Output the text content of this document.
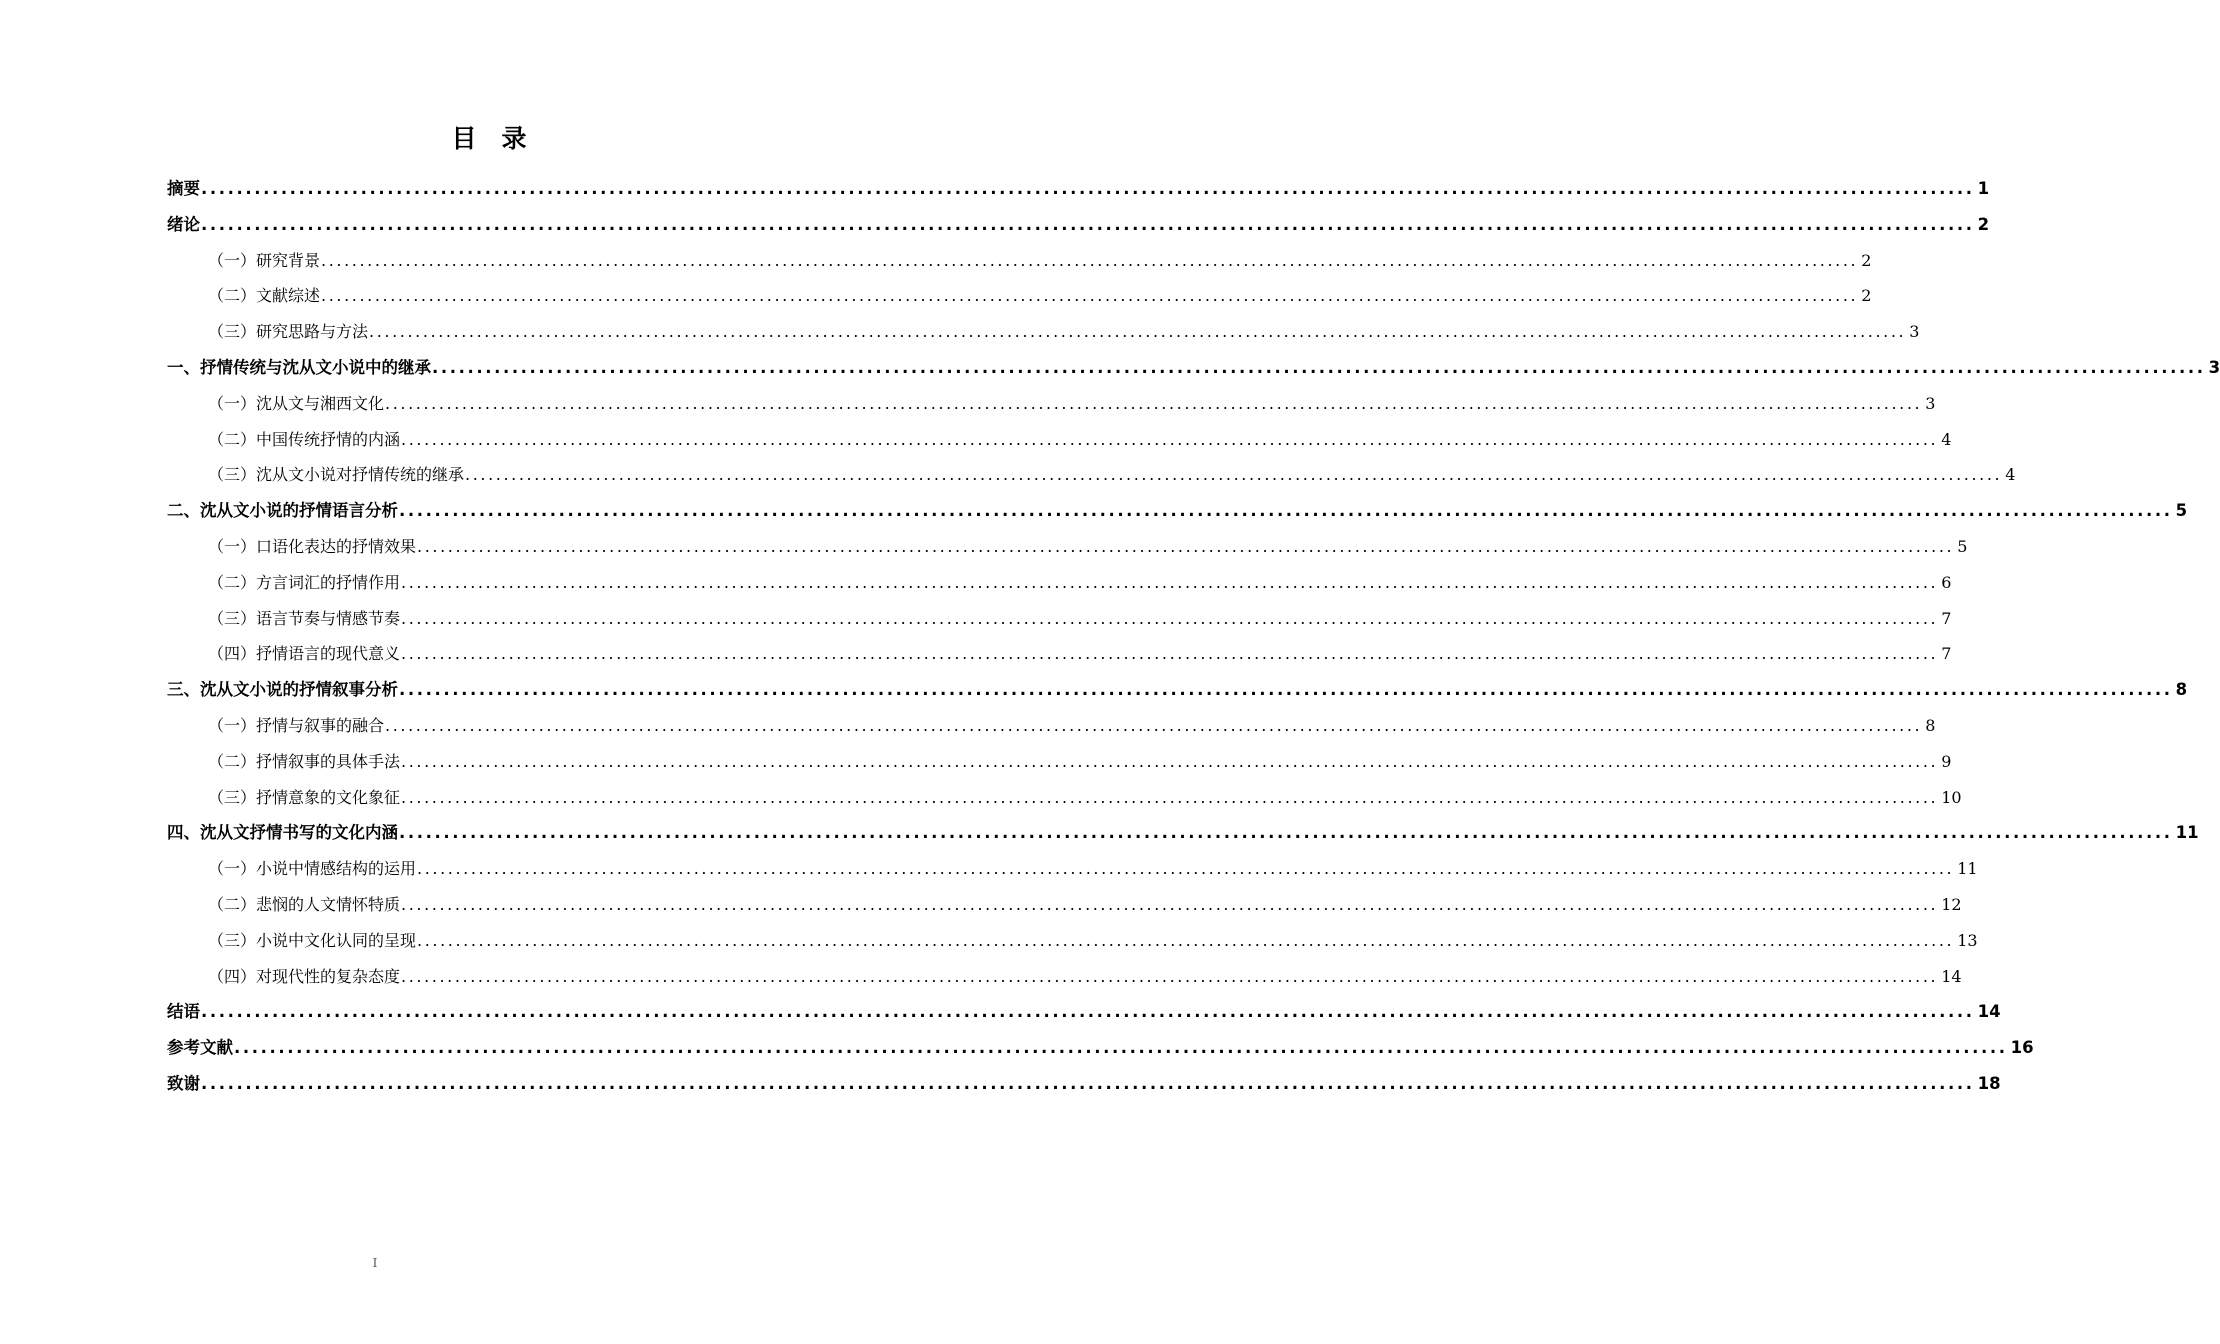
目　录
摘要 ........................................................................................................................................................................................................ 1
绪论 ........................................................................................................................................................................................................ 2
（一）研究背景 ........................................................................................................................................................................................................ 2
（二）文献综述 ........................................................................................................................................................................................................ 2
（三）研究思路与方法 ........................................................................................................................................................................................................ 3
一、抒情传统与沈从文小说中的继承 ........................................................................................................................................................................................................ 3
（一）沈从文与湘西文化 ........................................................................................................................................................................................................ 3
（二）中国传统抒情的内涵 ........................................................................................................................................................................................................ 4
（三）沈从文小说对抒情传统的继承 ........................................................................................................................................................................................................ 4
二、沈从文小说的抒情语言分析 ........................................................................................................................................................................................................ 5
（一）口语化表达的抒情效果 ........................................................................................................................................................................................................ 5
（二）方言词汇的抒情作用 ........................................................................................................................................................................................................ 6
（三）语言节奏与情感节奏 ........................................................................................................................................................................................................ 7
（四）抒情语言的现代意义 ........................................................................................................................................................................................................ 7
三、沈从文小说的抒情叙事分析 ........................................................................................................................................................................................................ 8
（一）抒情与叙事的融合 ........................................................................................................................................................................................................ 8
（二）抒情叙事的具体手法 ........................................................................................................................................................................................................ 9
（三）抒情意象的文化象征 ........................................................................................................................................................................................................ 10
四、沈从文抒情书写的文化内涵 ........................................................................................................................................................................................................ 11
（一）小说中情感结构的运用 ........................................................................................................................................................................................................ 11
（二）悲悯的人文情怀特质 ........................................................................................................................................................................................................ 12
（三）小说中文化认同的呈现 ........................................................................................................................................................................................................ 13
（四）对现代性的复杂态度 ........................................................................................................................................................................................................ 14
结语 ........................................................................................................................................................................................................ 14
参考文献 ........................................................................................................................................................................................................ 16
致谢 ........................................................................................................................................................................................................ 18
I
